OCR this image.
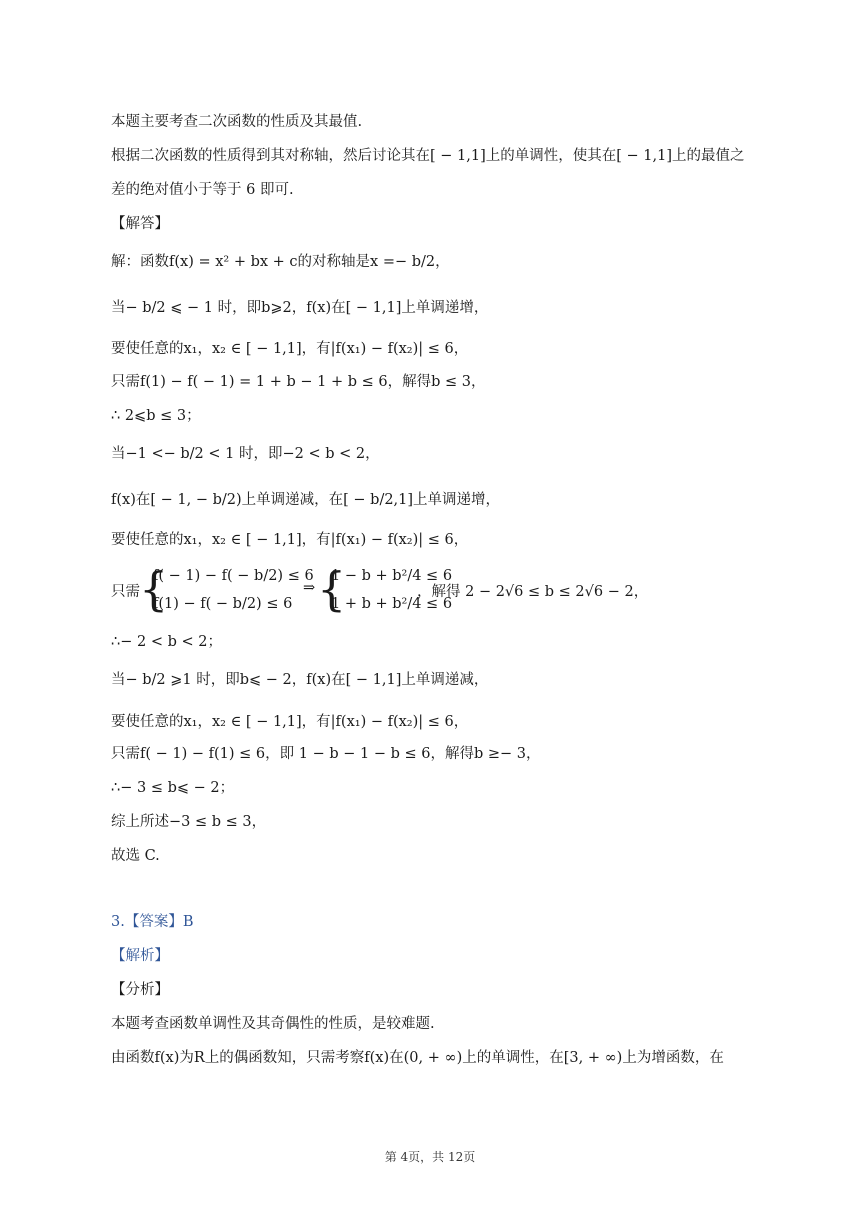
本题主要考查二次函数的性质及其最值.
根据二次函数的性质得到其对称轴，然后讨论其在[ − 1,1]上的单调性，使其在[ − 1,1]上的最值之
差的绝对值小于等于 6 即可.
【解答】
解：函数f(x) = x² + bx + c的对称轴是x =− b/2，
当− b/2 ⩽ − 1 时，即b⩾2，f(x)在[ − 1,1]上单调递增，
要使任意的x₁，x₂ ∈ [ − 1,1]，有|f(x₁) − f(x₂)| ≤ 6，
只需f(1) − f( − 1) = 1 + b − 1 + b ≤ 6，解得b ≤ 3，
∴ 2⩽b ≤ 3；
当−1 <− b/2 < 1 时，即−2 < b < 2，
f(x)在[ − 1, − b/2)上单调递减，在[ − b/2,1]上单调递增，
要使任意的x₁，x₂ ∈ [ − 1,1]，有|f(x₁) − f(x₂)| ≤ 6，
只需 {
f( − 1) − f( − b/2) ≤ 6
f(1) − f( − b/2) ≤ 6
⇒ {
1 − b + b²/4 ≤ 6
1 + b + b²/4 ≤ 6
，解得 2 − 2√6 ≤ b ≤ 2√6 − 2，
∴− 2 < b < 2；
当− b/2 ⩾1 时，即b⩽ − 2，f(x)在[ − 1,1]上单调递减，
要使任意的x₁，x₂ ∈ [ − 1,1]，有|f(x₁) − f(x₂)| ≤ 6，
只需f( − 1) − f(1) ≤ 6，即 1 − b − 1 − b ≤ 6，解得b ≥− 3，
∴− 3 ≤ b⩽ − 2；
综上所述−3 ≤ b ≤ 3，
故选 C.
3.【答案】B
【解析】
【分析】
本题考查函数单调性及其奇偶性的性质，是较难题.
由函数f(x)为R上的偶函数知，只需考察f(x)在(0, + ∞)上的单调性，在[3, + ∞)上为增函数，在
第 4页，共 12页
